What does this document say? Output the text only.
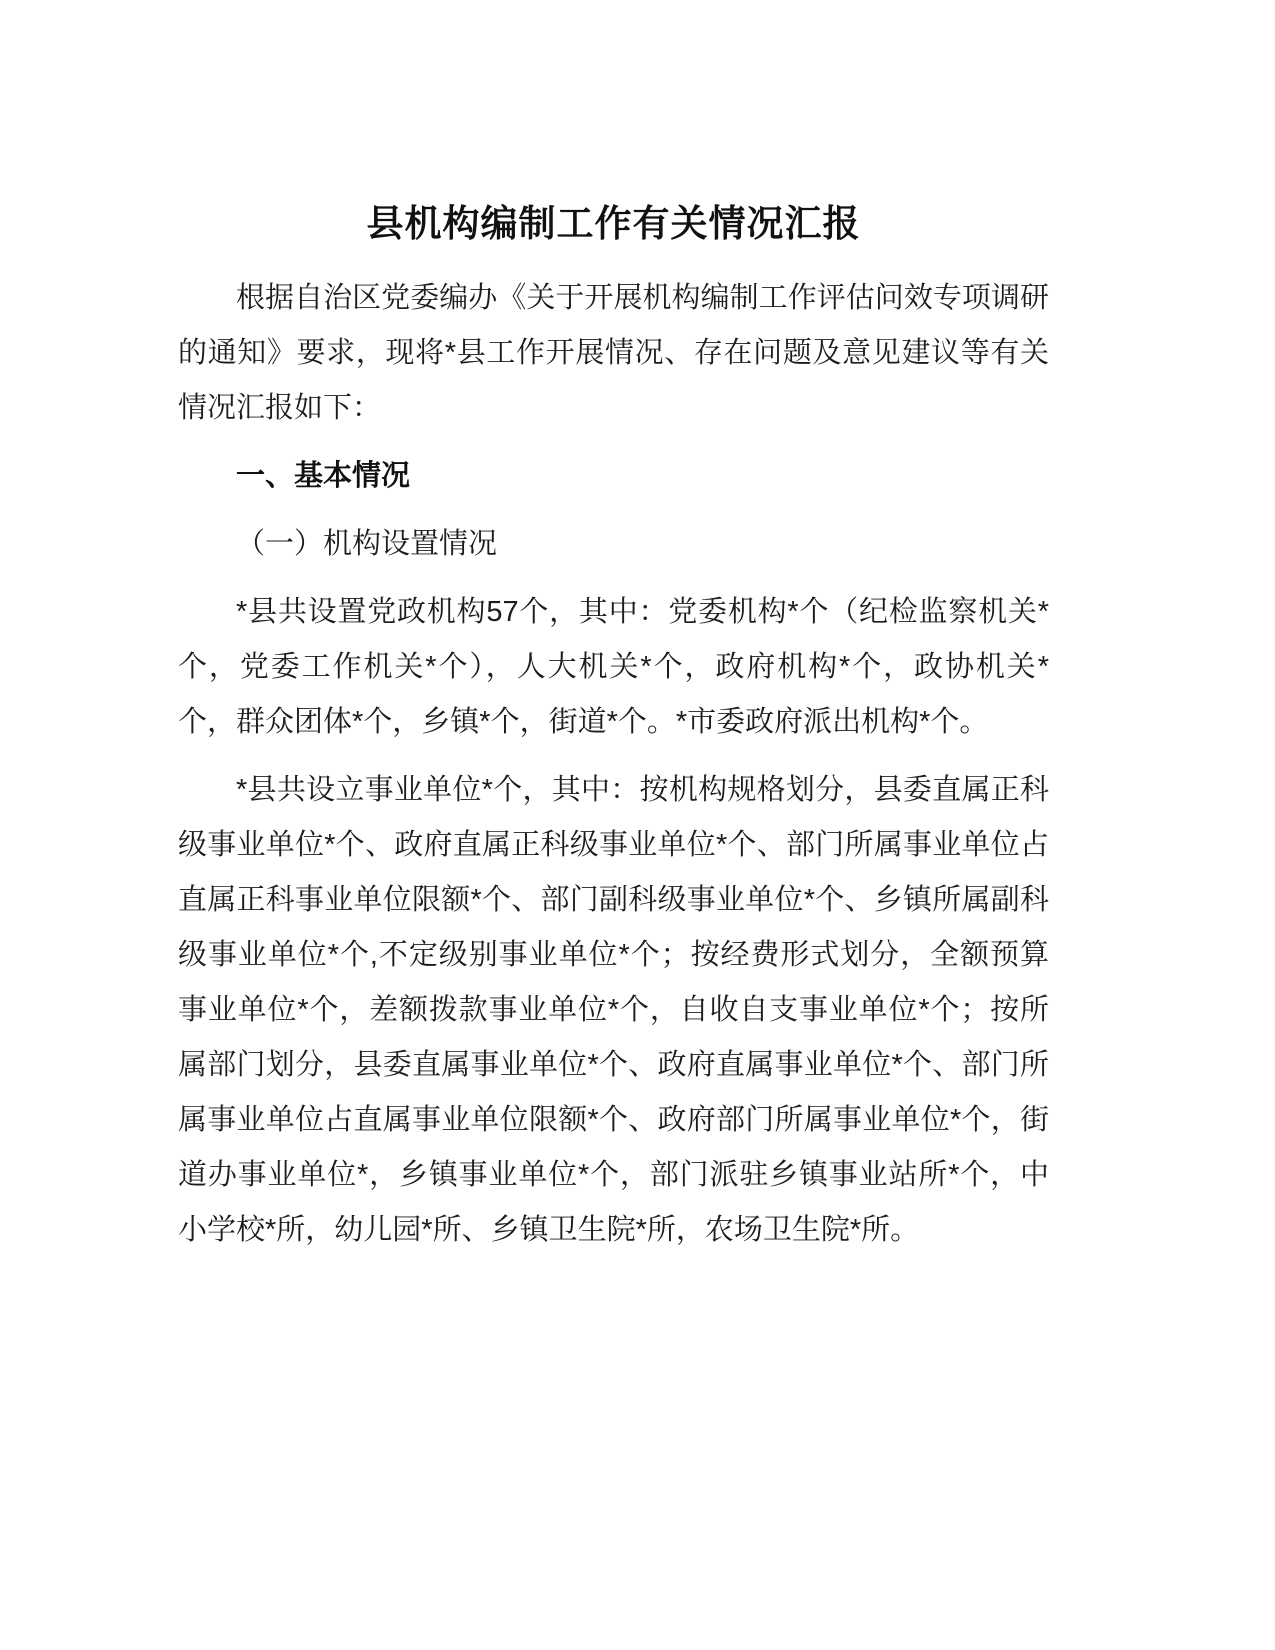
县机构编制工作有关情况汇报

根据自治区党委编办《关于开展机构编制工作评估问效专项调研的通知》要求，现将*县工作开展情况、存在问题及意见建议等有关情况汇报如下：

一、基本情况

（一）机构设置情况

*县共设置党政机构57个，其中：党委机构*个（纪检监察机关*个，党委工作机关*个），人大机关*个，政府机构*个，政协机关*个，群众团体*个，乡镇*个，街道*个。*市委政府派出机构*个。

*县共设立事业单位*个，其中：按机构规格划分，县委直属正科级事业单位*个、政府直属正科级事业单位*个、部门所属事业单位占直属正科事业单位限额*个、部门副科级事业单位*个、乡镇所属副科级事业单位*个,不定级别事业单位*个；按经费形式划分，全额预算事业单位*个，差额拨款事业单位*个，自收自支事业单位*个；按所属部门划分，县委直属事业单位*个、政府直属事业单位*个、部门所属事业单位占直属事业单位限额*个、政府部门所属事业单位*个，街道办事业单位*，乡镇事业单位*个，部门派驻乡镇事业站所*个，中小学校*所，幼儿园*所、乡镇卫生院*所，农场卫生院*所。
